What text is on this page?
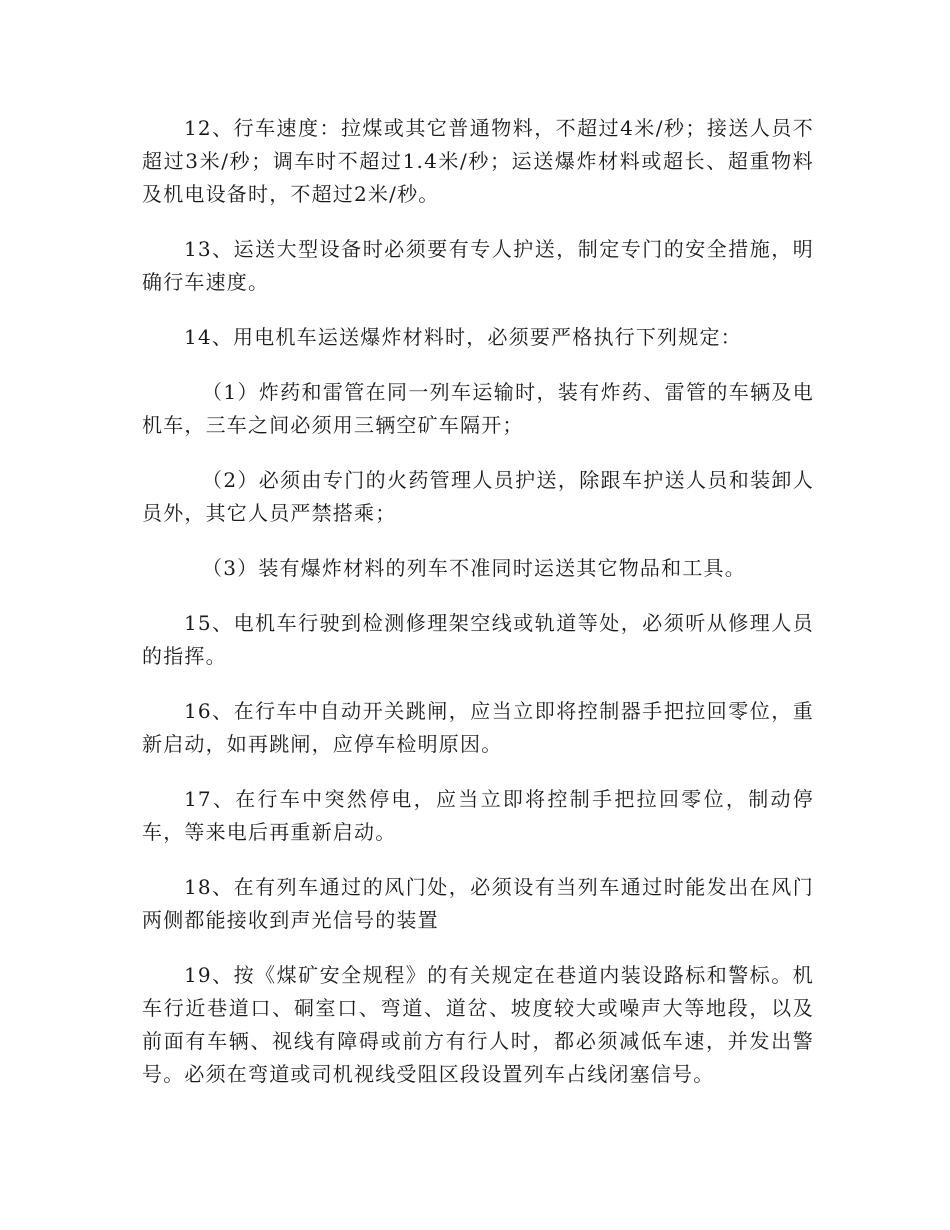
12、行车速度：拉煤或其它普通物料，不超过4米/秒；接送人员不超过3米/秒；调车时不超过1.4米/秒；运送爆炸材料或超长、超重物料及机电设备时，不超过2米/秒。

13、运送大型设备时必须要有专人护送，制定专门的安全措施，明确行车速度。

14、用电机车运送爆炸材料时，必须要严格执行下列规定：

（1）炸药和雷管在同一列车运输时，装有炸药、雷管的车辆及电机车，三车之间必须用三辆空矿车隔开；

（2）必须由专门的火药管理人员护送，除跟车护送人员和装卸人员外，其它人员严禁搭乘；

（3）装有爆炸材料的列车不准同时运送其它物品和工具。

15、电机车行驶到检测修理架空线或轨道等处，必须听从修理人员的指挥。

16、在行车中自动开关跳闸，应当立即将控制器手把拉回零位，重新启动，如再跳闸，应停车检明原因。

17、在行车中突然停电，应当立即将控制手把拉回零位，制动停车，等来电后再重新启动。

18、在有列车通过的风门处，必须设有当列车通过时能发出在风门两侧都能接收到声光信号的装置

19、按《煤矿安全规程》的有关规定在巷道内装设路标和警标。机车行近巷道口、硐室口、弯道、道岔、坡度较大或噪声大等地段，以及前面有车辆、视线有障碍或前方有行人时，都必须减低车速，并发出警号。必须在弯道或司机视线受阻区段设置列车占线闭塞信号。
